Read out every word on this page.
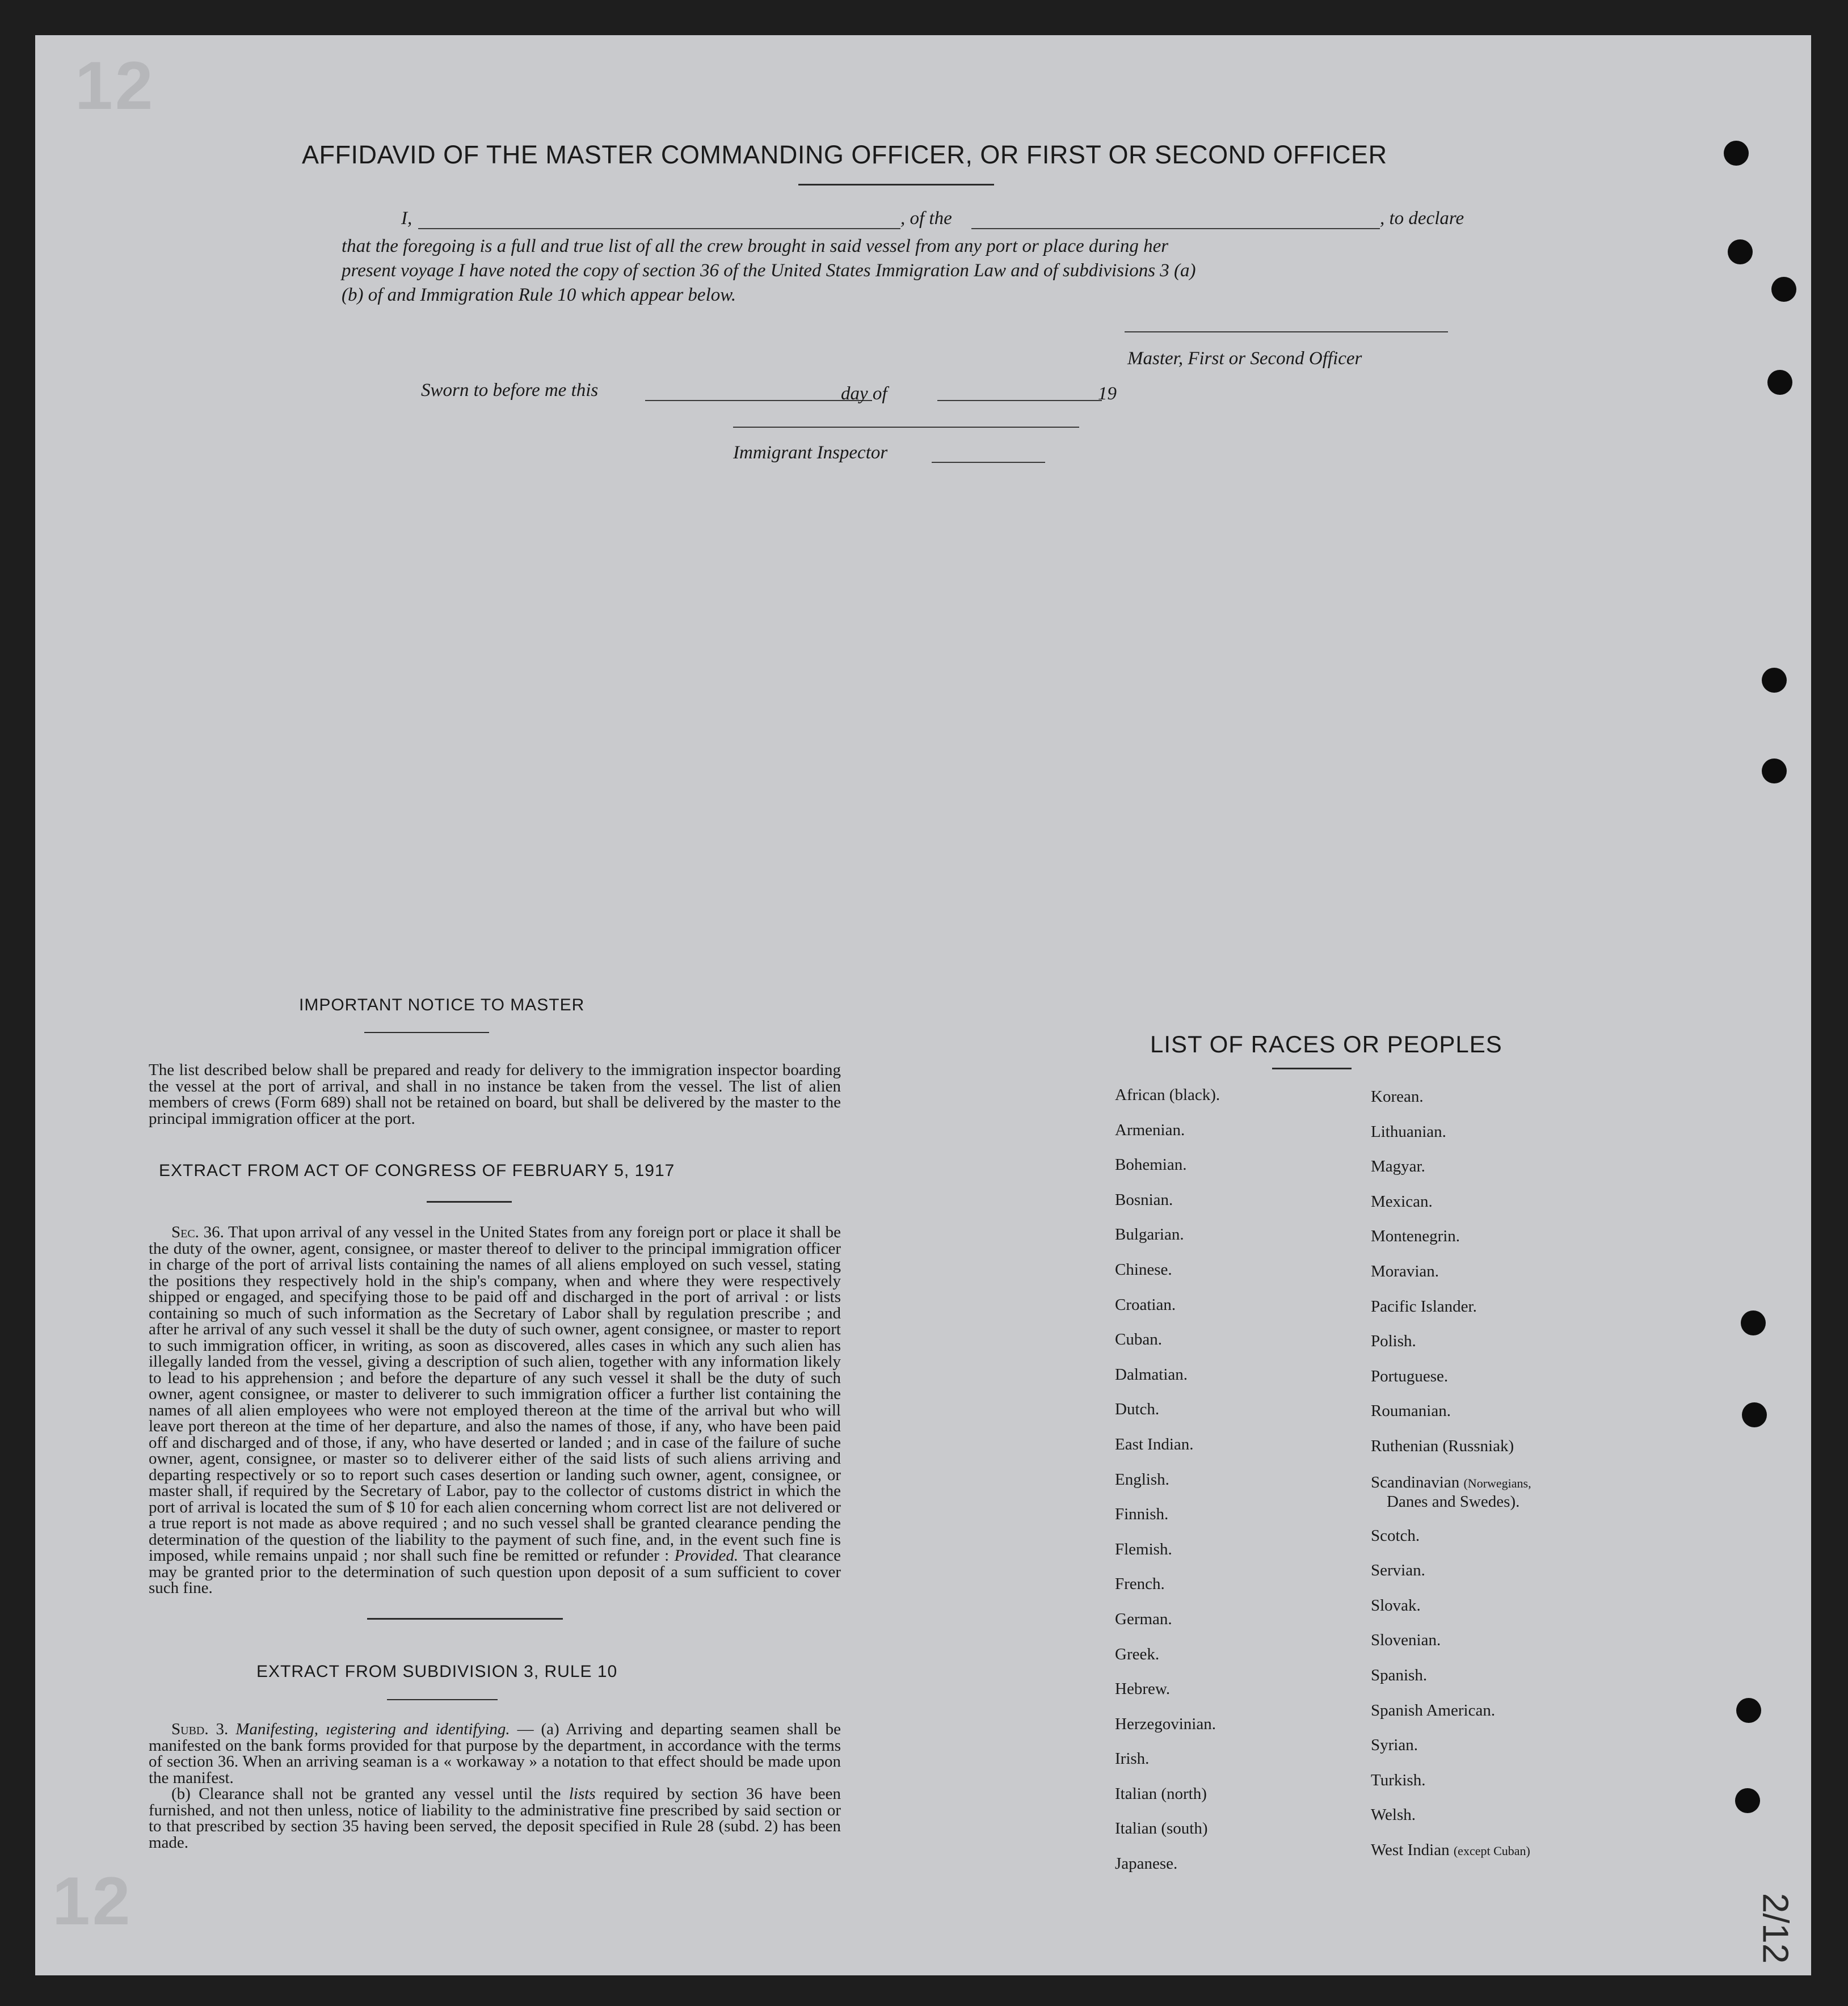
12
12
AFFIDAVID OF THE MASTER COMMANDING OFFICER, OR FIRST OR SECOND OFFICER
I,	, of the	, to declare
that the foregoing is a full and true list of all the crew brought in said vessel from any port or place during her
present voyage I have noted the copy of section 36 of the United States Immigration Law and of subdivisions 3 (a)
(b) of and Immigration Rule 10 which appear below.
Master, First or Second Officer
Sworn to before me this	day of	19
Immigrant Inspector
IMPORTANT NOTICE TO MASTER
The list described below shall be prepared and ready for delivery to the immigration inspector boarding the vessel at the port of arrival, and shall in no instance be taken from the vessel. The list of alien members of crews (Form 689) shall not be retained on board, but shall be delivered by the master to the principal immigration officer at the port.
EXTRACT FROM ACT OF CONGRESS OF FEBRUARY 5, 1917
Sec. 36. That upon arrival of any vessel in the United States from any foreign port or place it shall be the duty of the owner, agent, consignee, or master thereof to deliver to the principal immigration officer in charge of the port of arrival lists containing the names of all aliens employed on such vessel, stating the positions they respectively hold in the ship's company, when and where they were respectively shipped or engaged, and specifying those to be paid off and discharged in the port of arrival : or lists containing so much of such information as the Secretary of Labor shall by regulation prescribe ; and after he arrival of any such vessel it shall be the duty of such owner, agent consignee, or master to report to such immigration officer, in writing, as soon as discovered, alles cases in which any such alien has illegally landed from the vessel, giving a description of such alien, together with any information likely to lead to his apprehension ; and before the departure of any such vessel it shall be the duty of such owner, agent consignee, or master to deliverer to such immigration officer a further list containing the names of all alien employees who were not employed thereon at the time of the arrival but who will leave port thereon at the time of her departure, and also the names of those, if any, who have been paid off and discharged and of those, if any, who have deserted or landed ; and in case of the failure of suche owner, agent, consignee, or master so to deliverer either of the said lists of such aliens arriving and departing respectively or so to report such cases desertion or landing such owner, agent, consignee, or master shall, if required by the Secretary of Labor, pay to the collector of customs district in which the port of arrival is located the sum of $ 10 for each alien concerning whom correct list are not delivered or a true report is not made as above required ; and no such vessel shall be granted clearance pending the determination of the question of the liability to the payment of such fine, and, in the event such fine is imposed, while remains unpaid ; nor shall such fine be remitted or refunder : Provided. That clearance may be granted prior to the determination of such question upon deposit of a sum sufficient to cover such fine.
EXTRACT FROM SUBDIVISION 3, RULE 10
Subd. 3. Manifesting, ıegistering and identifying. — (a) Arriving and departing seamen shall be manifested on the bank forms provided for that purpose by the department, in accordance with the terms of section 36. When an arriving seaman is a « workaway » a notation to that effect should be made upon the manifest.
(b) Clearance shall not be granted any vessel until the lists required by section 36 have been furnished, and not then unless, notice of liability to the administrative fine prescribed by said section or to that prescribed by section 35 having been served, the deposit specified in Rule 28 (subd. 2) has been made.
LIST OF RACES OR PEOPLES
African (black).
Armenian.
Bohemian.
Bosnian.
Bulgarian.
Chinese.
Croatian.
Cuban.
Dalmatian.
Dutch.
East Indian.
English.
Finnish.
Flemish.
French.
German.
Greek.
Hebrew.
Herzegovinian.
Irish.
Italian (north)
Italian (south)
Japanese.
Korean.
Lithuanian.
Magyar.
Mexican.
Montenegrin.
Moravian.
Pacific Islander.
Polish.
Portuguese.
Roumanian.
Ruthenian (Russniak)
Scandinavian (Norwegians,
Danes and Swedes).
Scotch.
Servian.
Slovak.
Slovenian.
Spanish.
Spanish American.
Syrian.
Turkish.
Welsh.
West Indian (except Cuban)
2/12
